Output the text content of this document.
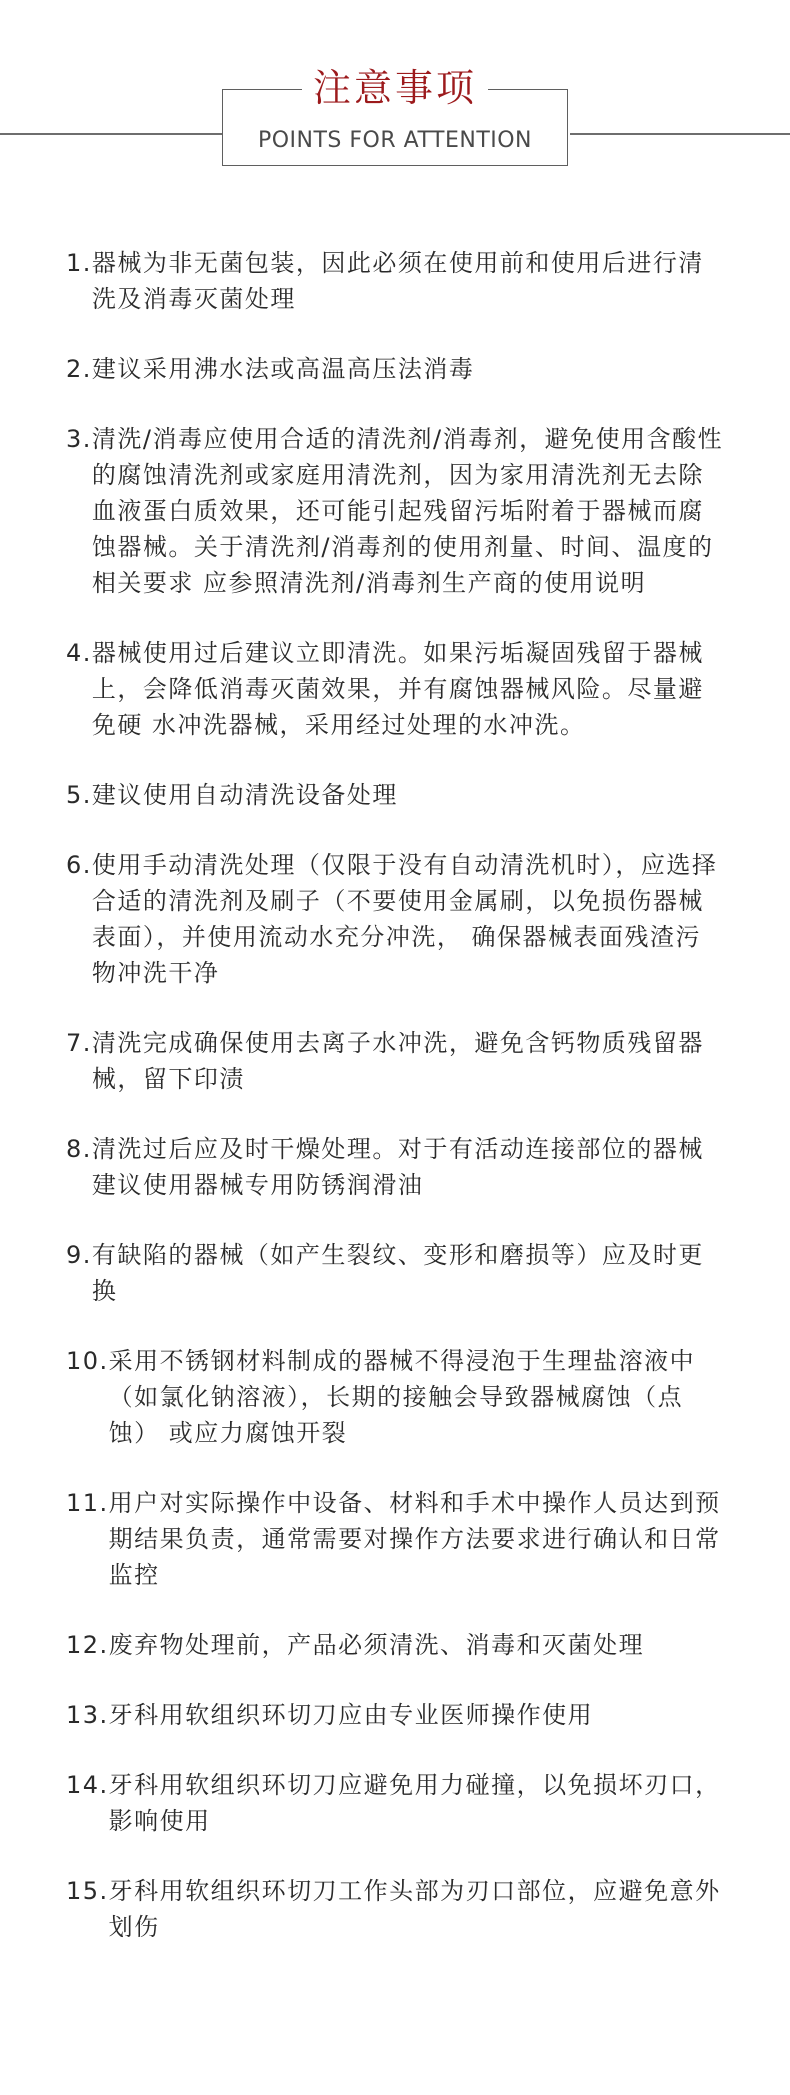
注意事项
POINTS FOR ATTENTION
1. 器械为非无菌包装，因此必须在使用前和使用后进行清洗及消毒灭菌处理
2. 建议采用沸水法或高温高压法消毒
3. 清洗/消毒应使用合适的清洗剂/消毒剂，避免使用含酸性的腐蚀清洗剂或家庭用清洗剂，因为家用清洗剂无去除血液蛋白质效果，还可能引起残留污垢附着于器械而腐蚀器械。关于清洗剂/消毒剂的使用剂量、时间、温度的相关要求 应参照清洗剂/消毒剂生产商的使用说明
4. 器械使用过后建议立即清洗。如果污垢凝固残留于器械上，会降低消毒灭菌效果，并有腐蚀器械风险。尽量避免硬 水冲洗器械，采用经过处理的水冲洗。
5. 建议使用自动清洗设备处理
6. 使用手动清洗处理（仅限于没有自动清洗机时），应选择合适的清洗剂及刷子（不要使用金属刷，以免损伤器械表面），并使用流动水充分冲洗， 确保器械表面残渣污物冲洗干净
7. 清洗完成确保使用去离子水冲洗，避免含钙物质残留器械，留下印渍
8. 清洗过后应及时干燥处理。对于有活动连接部位的器械建议使用器械专用防锈润滑油
9. 有缺陷的器械（如产生裂纹、变形和磨损等）应及时更换
10. 采用不锈钢材料制成的器械不得浸泡于生理盐溶液中（如氯化钠溶液），长期的接触会导致器械腐蚀（点蚀） 或应力腐蚀开裂
11. 用户对实际操作中设备、材料和手术中操作人员达到预期结果负责，通常需要对操作方法要求进行确认和日常监控
12. 废弃物处理前，产品必须清洗、消毒和灭菌处理
13. 牙科用软组织环切刀应由专业医师操作使用
14. 牙科用软组织环切刀应避免用力碰撞，以免损坏刃口，影响使用
15. 牙科用软组织环切刀工作头部为刃口部位，应避免意外划伤
